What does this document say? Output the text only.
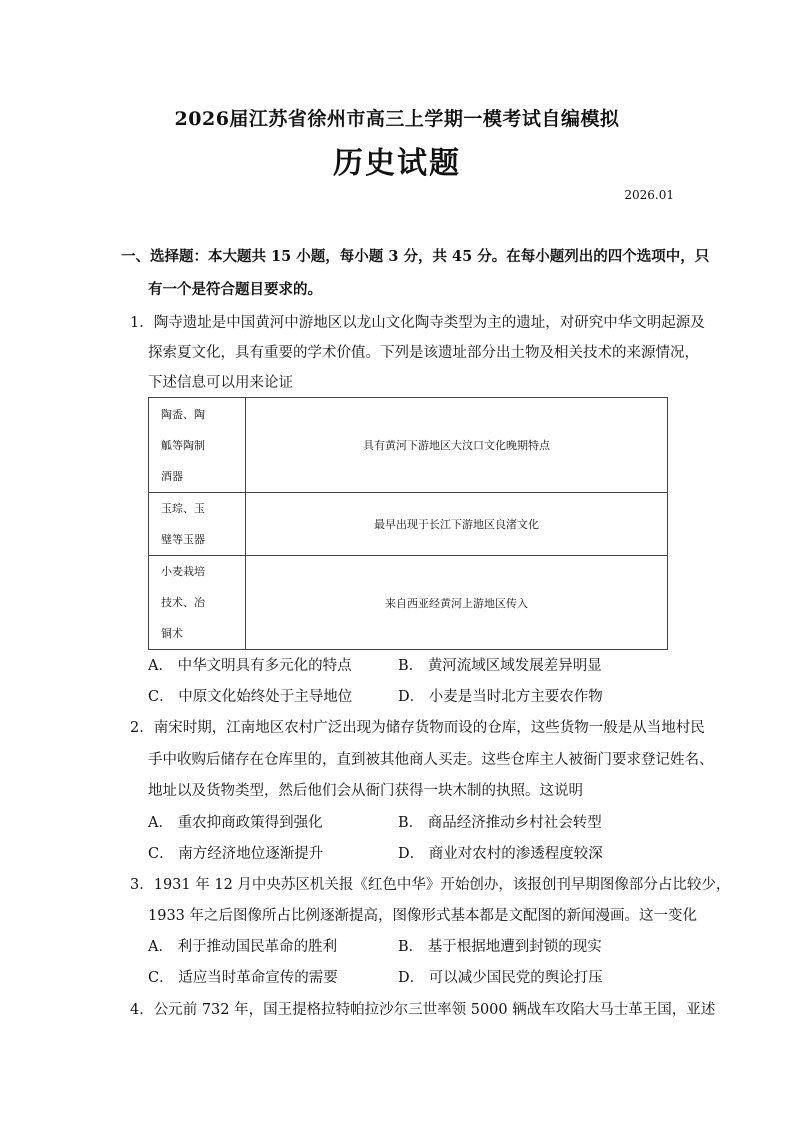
2026届江苏省徐州市高三上学期一模考试自编模拟
历史试题
2026.01
一、选择题：本大题共 15 小题，每小题 3 分，共 45 分。在每小题列出的四个选项中，只
有一个是符合题目要求的。
1．陶寺遗址是中国黄河中游地区以龙山文化陶寺类型为主的遗址，对研究中华文明起源及
探索夏文化，具有重要的学术价值。下列是该遗址部分出土物及相关技术的来源情况，
下述信息可以用来论证
陶盉、陶
觚等陶制
酒器	具有黄河下游地区大汶口文化晚期特点

玉琮、玉
璧等玉器	最早出现于长江下游地区良渚文化

小麦栽培
技术、冶
铜术	来自西亚经黄河上游地区传入
A． 中华文明具有多元化的特点	B． 黄河流域区域发展差异明显
C． 中原文化始终处于主导地位	D． 小麦是当时北方主要农作物
2．南宋时期，江南地区农村广泛出现为储存货物而设的仓库，这些货物一般是从当地村民
手中收购后储存在仓库里的，直到被其他商人买走。这些仓库主人被衙门要求登记姓名、
地址以及货物类型，然后他们会从衙门获得一块木制的执照。这说明
A． 重农抑商政策得到强化	B． 商品经济推动乡村社会转型
C． 南方经济地位逐渐提升	D． 商业对农村的渗透程度较深
3．1931 年 12 月中央苏区机关报《红色中华》开始创办，该报创刊早期图像部分占比较少，
1933 年之后图像所占比例逐渐提高，图像形式基本都是文配图的新闻漫画。这一变化
A． 利于推动国民革命的胜利	B． 基于根据地遭到封锁的现实
C． 适应当时革命宣传的需要	D． 可以减少国民党的舆论打压
4．公元前 732 年，国王提格拉特帕拉沙尔三世率领 5000 辆战车攻陷大马士革王国，亚述
